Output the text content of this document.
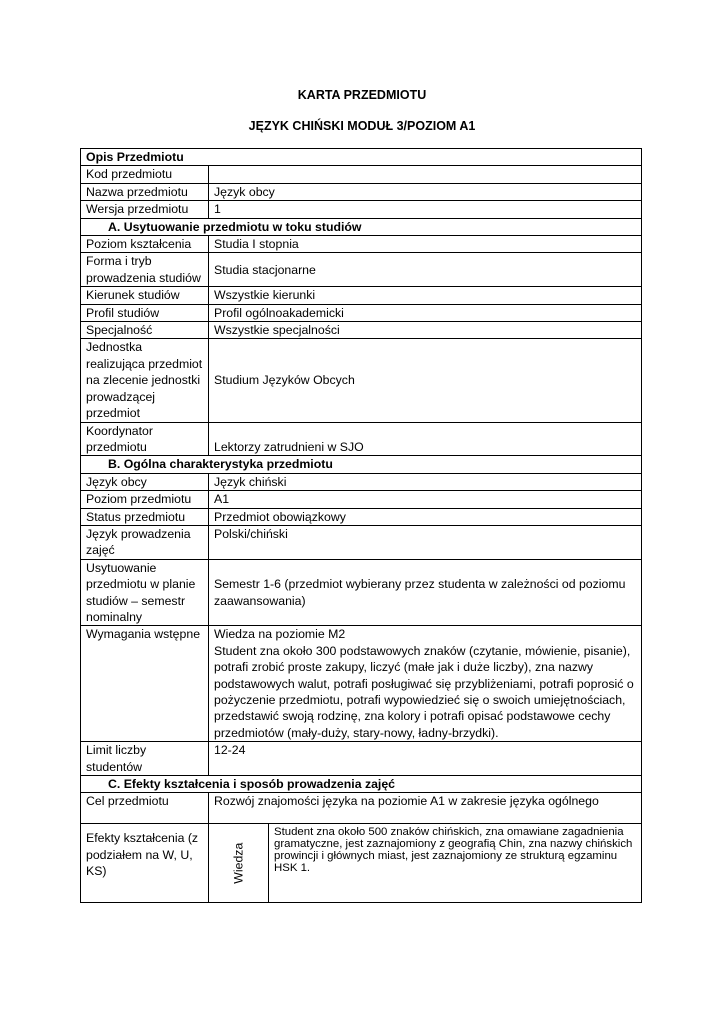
KARTA PRZEDMIOTU
JĘZYK CHIŃSKI MODUŁ 3/POZIOM A1
Opis Przedmiotu		
Kod przedmiotu		
Nazwa przedmiotu	Język obcy	
Wersja przedmiotu	1	
A. Usytuowanie przedmiotu w toku studiów		
Poziom kształcenia	Studia I stopnia	
Forma i tryb prowadzenia studiów	Studia stacjonarne	
Kierunek studiów	Wszystkie kierunki	
Profil studiów	Profil ogólnoakademicki	
Specjalność	Wszystkie specjalności	
Jednostka realizująca przedmiot na zlecenie jednostki prowadzącej przedmiot	Studium Języków Obcych	
Koordynator przedmiotu	Lektorzy zatrudnieni w SJO	
B. Ogólna charakterystyka przedmiotu		
Język obcy	Język chiński	
Poziom przedmiotu	A1	
Status przedmiotu	Przedmiot obowiązkowy	
Język prowadzenia zajęć	Polski/chiński	
Usytuowanie przedmiotu w planie studiów – semestr nominalny	Semestr 1-6 (przedmiot wybierany przez studenta w zależności od poziomu zaawansowania)	
Wymagania wstępne	Wiedza na poziomie M2
Student zna około 300 podstawowych znaków (czytanie, mówienie, pisanie), potrafi zrobić proste zakupy, liczyć (małe jak i duże liczby), zna nazwy podstawowych walut, potrafi posługiwać się przybliżeniami, potrafi poprosić o pożyczenie przedmiotu, potrafi wypowiedzieć się o swoich umiejętnościach, przedstawić swoją rodzinę, zna kolory i potrafi opisać podstawowe cechy przedmiotów (mały-duży, stary-nowy, ładny-brzydki).	

Limit liczby studentów	12-24	
C. Efekty kształcenia i sposób prowadzenia zajęć		
Cel przedmiotu	Rozwój znajomości języka na poziomie A1 w zakresie języka ogólnego	
Efekty kształcenia (z podziałem na W, U, KS)	Wiedza	Student zna około 500 znaków chińskich, zna omawiane zagadnienia gramatyczne, jest zaznajomiony z geografią Chin, zna nazwy chińskich prowincji i głównych miast, jest zaznajomiony ze strukturą egzaminu HSK 1.
